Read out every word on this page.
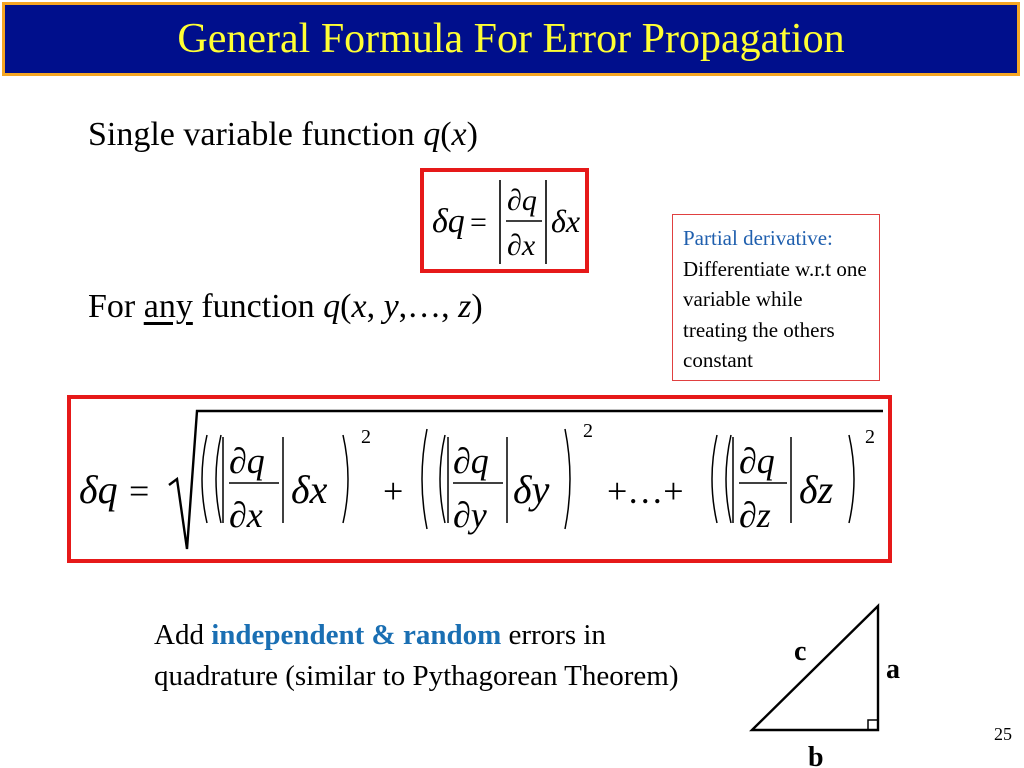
General Formula For Error Propagation
Single variable function q(x)
δq =
∂q
∂x
δx
For any function q(x, y,…, z)
Partial derivative:
Differentiate w.r.t one variable while treating the others constant
δq =
∂q
∂x
δx
2
+
∂q
∂y
δy
2
+…+
∂q
∂z
δz
2
Add independent & random errors in
quadrature (similar to Pythagorean Theorem)
c
a
b
25
